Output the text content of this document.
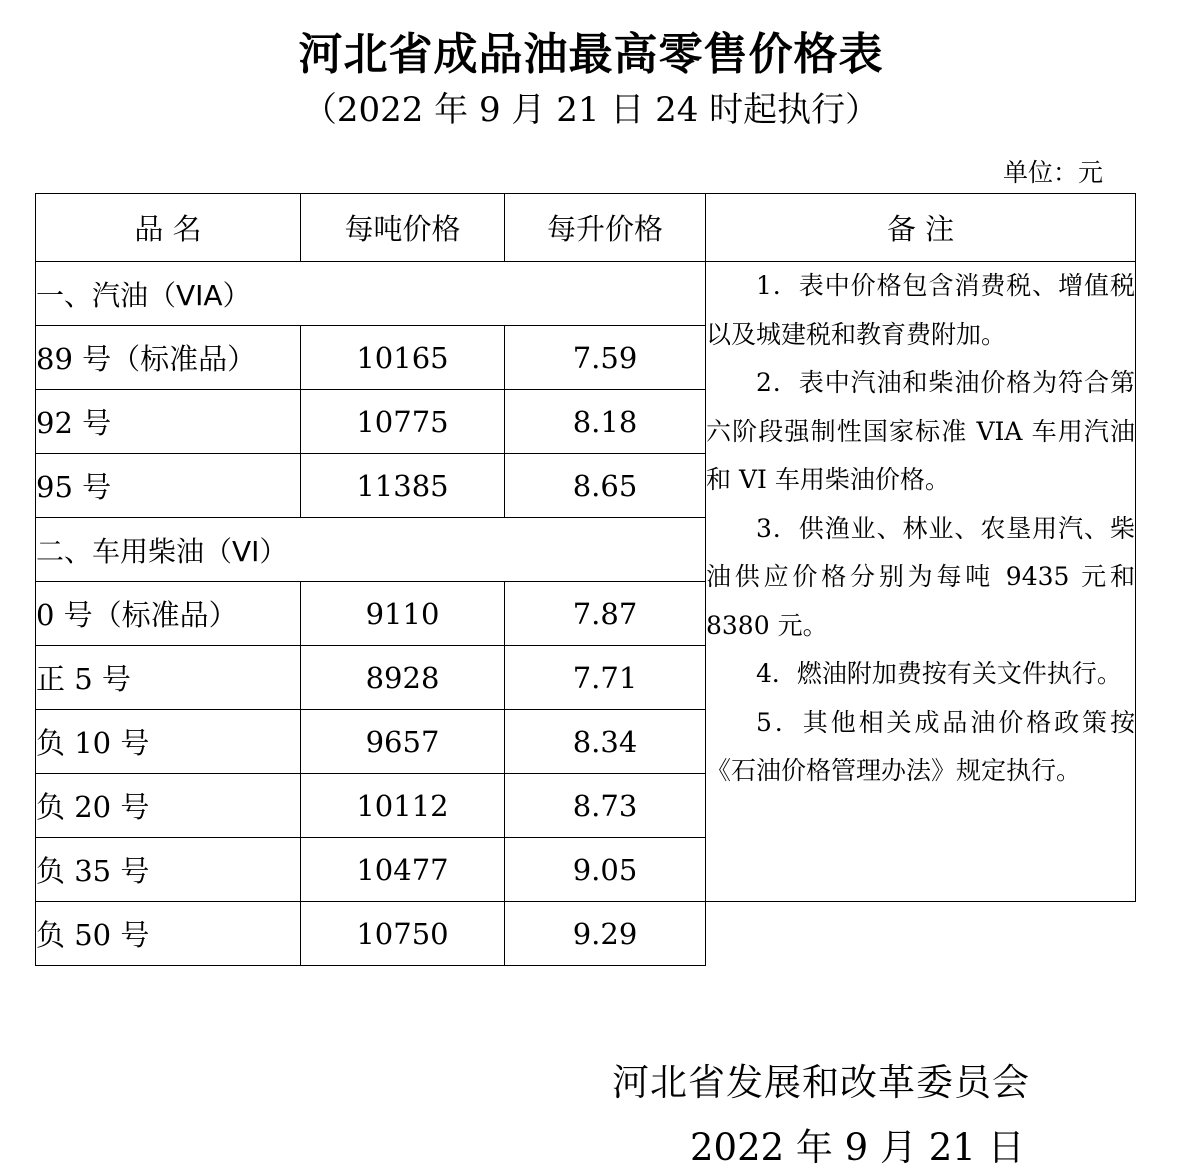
河北省成品油最高零售价格表
（2022 年 9 月 21 日 24 时起执行）
单位：元
品 名	每吨价格	每升价格	备 注
一、汽油（VIA）			1．表中价格包含消费税、增值税以及城建税和教育费附加。
2．表中汽油和柴油价格为符合第六阶段强制性国家标准 VIA 车用汽油和 VI 车用柴油价格。
3．供渔业、林业、农垦用汽、柴油供应价格分别为每吨 9435 元和 8380 元。
4．燃油附加费按有关文件执行。
5．其他相关成品油价格政策按《石油价格管理办法》规定执行。

89 号（标准品）	10165	7.59	
92 号	10775	8.18	
95 号	11385	8.65	
二、车用柴油（VI）			
0 号（标准品）	9110	7.87	
正 5 号	8928	7.71	
负 10 号	9657	8.34	
负 20 号	10112	8.73	
负 35 号	10477	9.05	
负 50 号	10750	9.29	
河北省发展和改革委员会
2022 年 9 月 21 日
